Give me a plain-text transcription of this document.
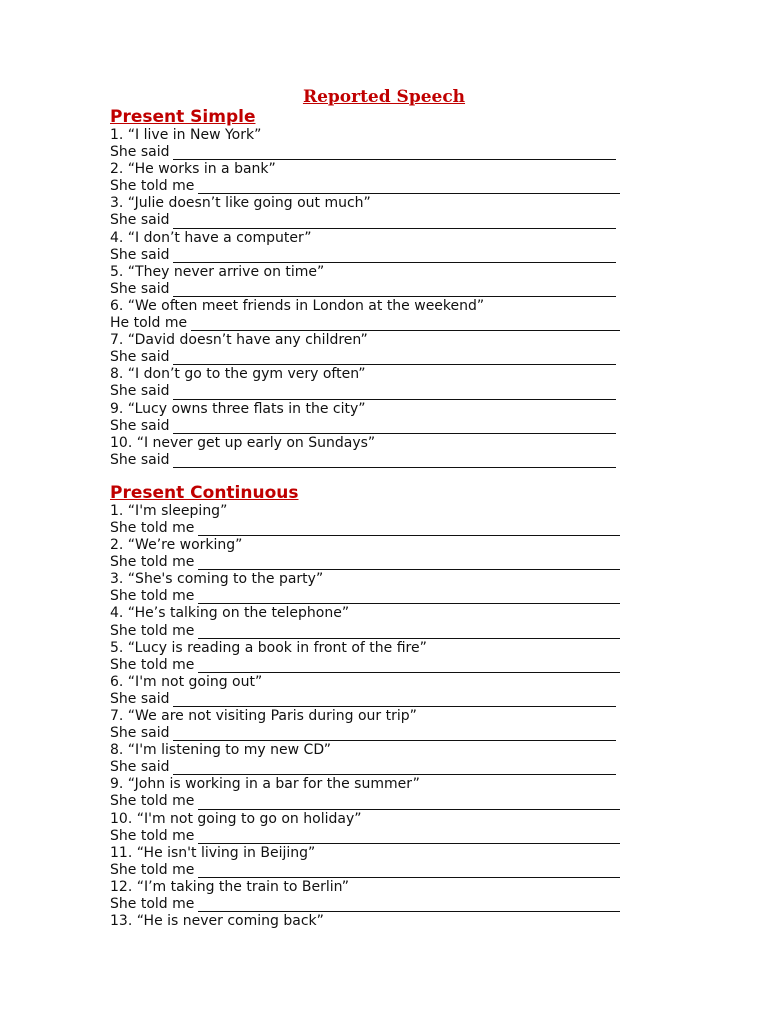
Reported Speech
Present Simple
1. “I live in New York”
She said
2. “He works in a bank”
She told me
3. “Julie doesn’t like going out much”
She said
4. “I don’t have a computer”
She said
5. “They never arrive on time”
She said
6. “We often meet friends in London at the weekend”
He told me
7. “David doesn’t have any children”
She said
8. “I don’t go to the gym very often”
She said
9. “Lucy owns three flats in the city”
She said
10. “I never get up early on Sundays”
She said
Present Continuous
1. “I'm sleeping”
She told me
2. “We’re working”
She told me
3. “She's coming to the party”
She told me
4. “He’s talking on the telephone”
She told me
5. “Lucy is reading a book in front of the fire”
She told me
6. “I'm not going out”
She said
7. “We are not visiting Paris during our trip”
She said
8. “I'm listening to my new CD”
She said
9. “John is working in a bar for the summer”
She told me
10. “I'm not going to go on holiday”
She told me
11. “He isn't living in Beijing”
She told me
12. “I’m taking the train to Berlin”
She told me
13. “He is never coming back”
